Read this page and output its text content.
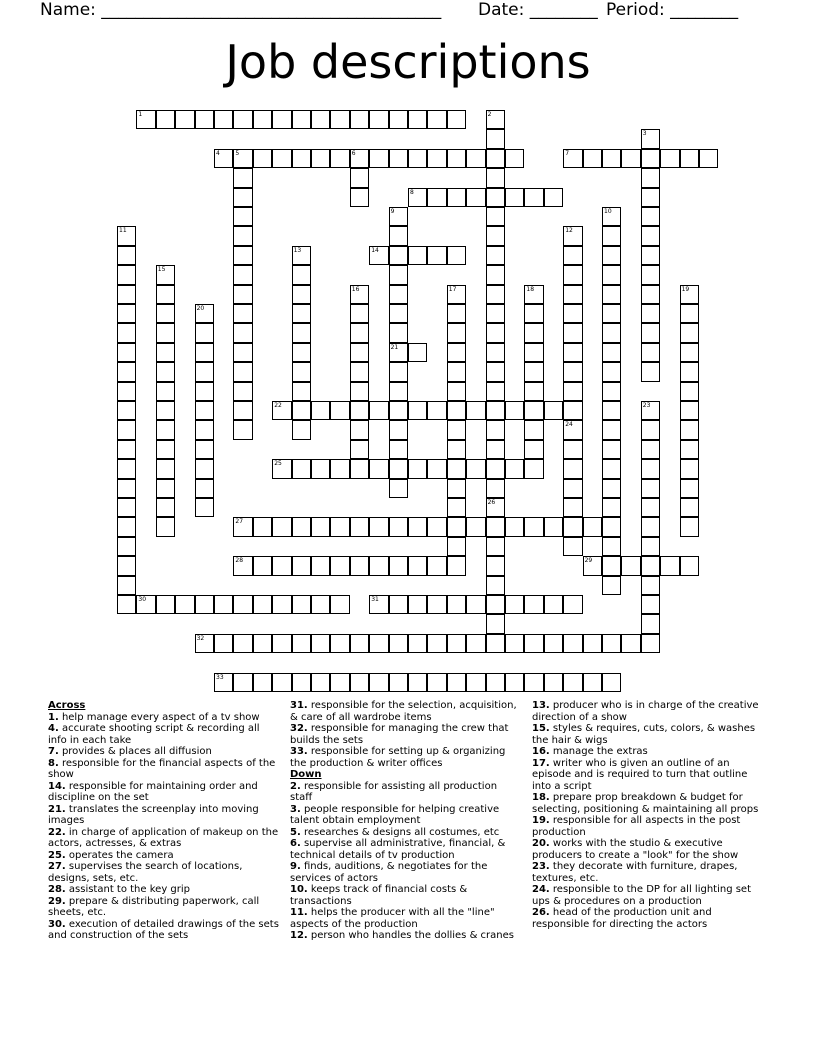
Name: ________________________________________ Date: ________ Period: ________
Job descriptions
1	2
3
4	5	6	7
8
9	10
11	12
13	14
15
16	17	18	19
20
21
22	23
24
25
26
27
28	29
30	31
32
33
Across
1. help manage every aspect of a tv show
4. accurate shooting script & recording all info in each take
7. provides & places all diffusion
8. responsible for the financial aspects of the show
14. responsible for maintaining order and discipline on the set
21. translates the screenplay into moving images
22. in charge of application of makeup on the actors, actresses, & extras
25. operates the camera
27. supervises the search of locations, designs, sets, etc.
28. assistant to the key grip
29. prepare & distributing paperwork, call sheets, etc.
30. execution of detailed drawings of the sets and construction of the sets
31. responsible for the selection, acquisition, & care of all wardrobe items
32. responsible for managing the crew that builds the sets
33. responsible for setting up & organizing the production & writer offices
Down
2. responsible for assisting all production staff
3. people responsible for helping creative talent obtain employment
5. researches & designs all costumes, etc
6. supervise all administrative, financial, & technical details of tv production
9. finds, auditions, & negotiates for the services of actors
10. keeps track of financial costs & transactions
11. helps the producer with all the "line" aspects of the production
12. person who handles the dollies & cranes
13. producer who is in charge of the creative direction of a show
15. styles & requires, cuts, colors, & washes the hair & wigs
16. manage the extras
17. writer who is given an outline of an episode and is required to turn that outline into a script
18. prepare prop breakdown & budget for selecting, positioning & maintaining all props
19. responsible for all aspects in the post production
20. works with the studio & executive producers to create a "look" for the show
23. they decorate with furniture, drapes, textures, etc.
24. responsible to the DP for all lighting set ups & procedures on a production
26. head of the production unit and responsible for directing the actors
